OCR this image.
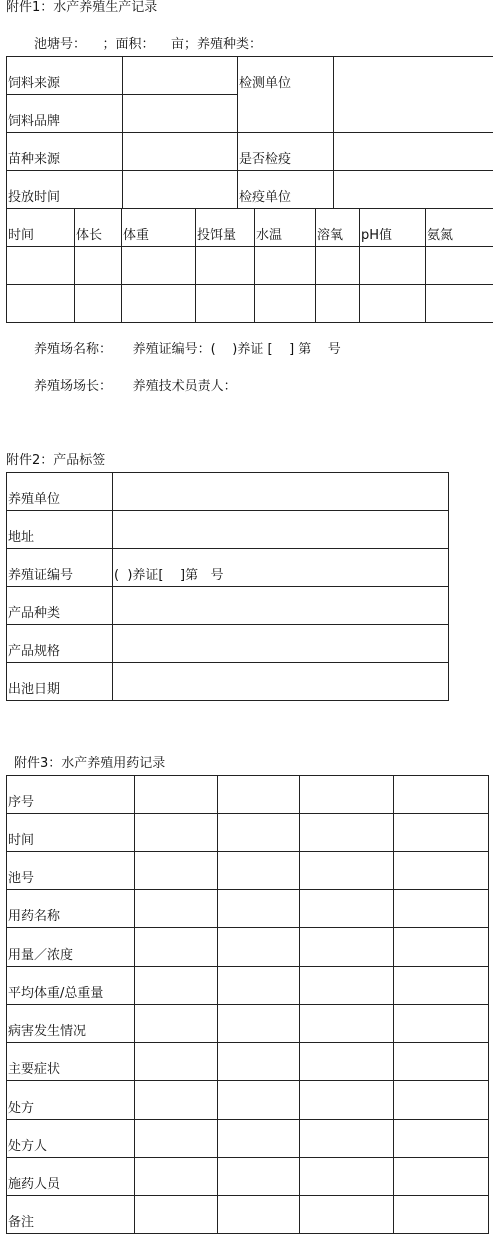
附件1：水产养殖生产记录
池塘号：    ；面积：    亩；养殖种类：
饲料来源		检测单位	
饲料品牌			
苗种来源		是否检疫	
投放时间		检疫单位	
时间	体长	体重	投饵量	水温	溶氧	pH值	氨氮

养殖场名称：     养殖证编号：(    )养证 [    ] 第    号
养殖场场长：     养殖技术员责人：
附件2：产品标签
养殖单位	
地址	
养殖证编号	(  )养证[    ]第   号
产品种类	
产品规格	
出池日期	
附件3：水产养殖用药记录
序号				
时间				
池号				
用药名称				
用量／浓度				
平均体重/总重量				
病害发生情况				
主要症状				
处方				
处方人				
施药人员				
备注				
